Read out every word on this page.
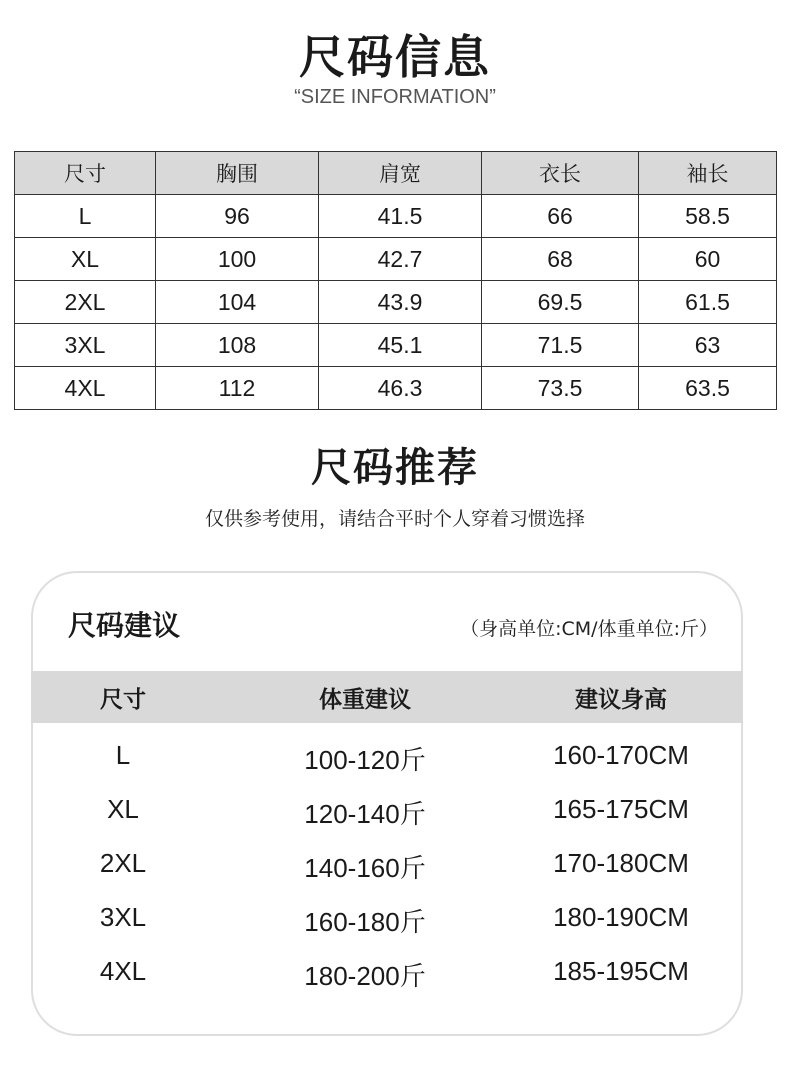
尺码信息
“SIZE INFORMATION”
尺寸	胸围	肩宽	衣长	袖长
L	96	41.5	66	58.5
XL	100	42.7	68	60
2XL	104	43.9	69.5	61.5
3XL	108	45.1	71.5	63
4XL	112	46.3	73.5	63.5
尺码推荐
仅供参考使用，请结合平时个人穿着习惯选择
尺码建议	（身高单位:CM/体重单位:斤）
尺寸	体重建议	建议身高
L	100-120斤	160-170CM
XL	120-140斤	165-175CM
2XL	140-160斤	170-180CM
3XL	160-180斤	180-190CM
4XL	180-200斤	185-195CM
